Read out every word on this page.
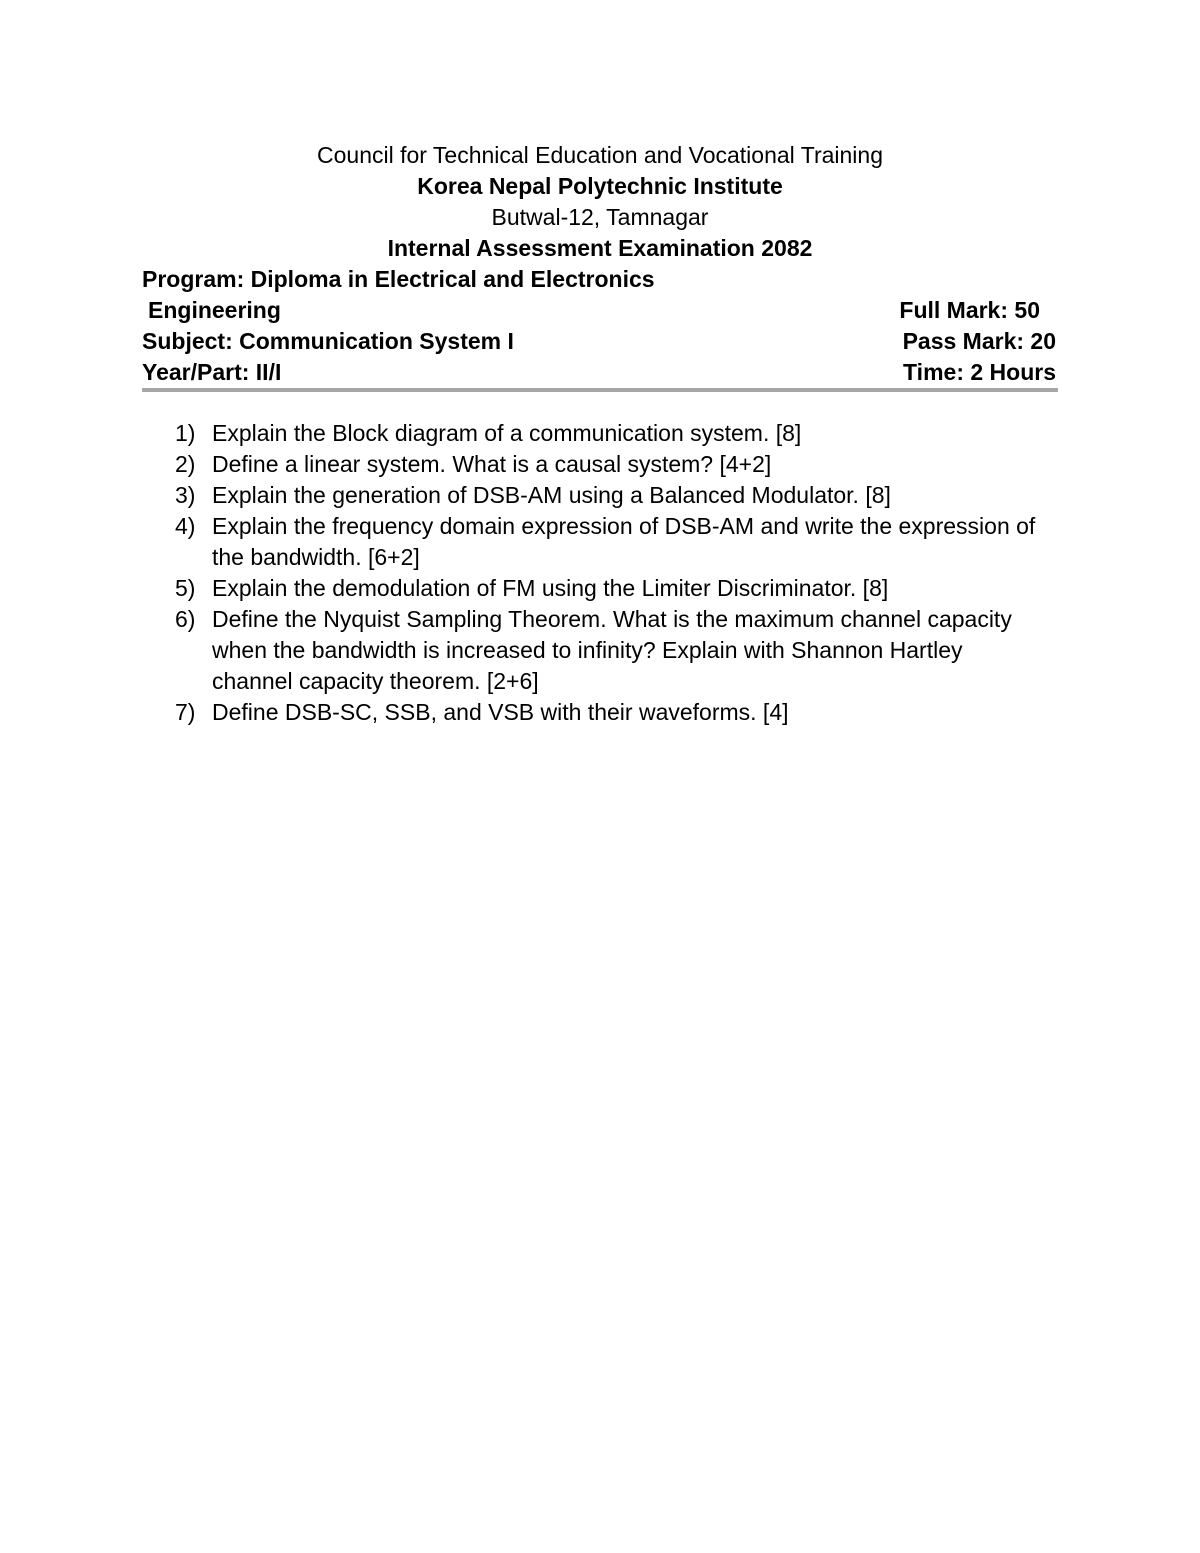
Council for Technical Education and Vocational Training
Korea Nepal Polytechnic Institute
Butwal-12, Tamnagar
Internal Assessment Examination 2082
Program: Diploma in Electrical and Electronics
Engineering	Full Mark: 50
Subject: Communication System I	Pass Mark: 20
Year/Part: II/I	Time: 2 Hours
1) Explain the Block diagram of a communication system. [8]
2) Define a linear system. What is a causal system? [4+2]
3) Explain the generation of DSB-AM using a Balanced Modulator. [8]
4) Explain the frequency domain expression of DSB-AM and write the expression of the bandwidth. [6+2]
5) Explain the demodulation of FM using the Limiter Discriminator. [8]
6) Define the Nyquist Sampling Theorem. What is the maximum channel capacity when the bandwidth is increased to infinity? Explain with Shannon Hartley channel capacity theorem. [2+6]
7) Define DSB-SC, SSB, and VSB with their waveforms. [4]
